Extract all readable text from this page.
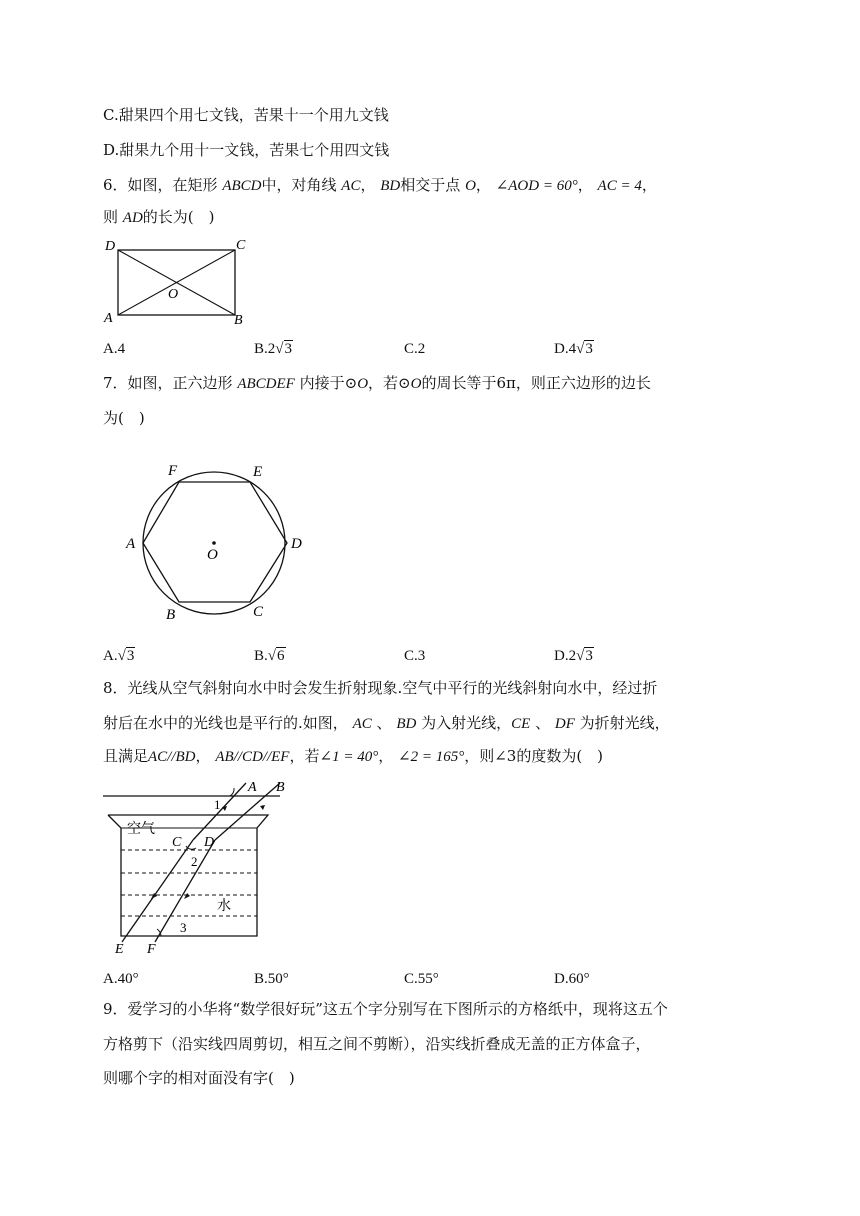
C.甜果四个用七文钱，苦果十一个用九文钱
D.甜果九个用十一文钱，苦果七个用四文钱
6．如图，在矩形 ABCD中，对角线 AC， BD相交于点 O， ∠AOD = 60°， AC = 4，
则 AD的长为(　)
D	C
A	B
O
A.4	B.2√3	C.2	D.4√3
7．如图，正六边形 ABCDEF 内接于⊙O，若⊙O的周长等于6π，则正六边形的边长
为(　)
F	E
A	D
B	C
O
A.√3	B.√6	C.3	D.2√3
8．光线从空气斜射向水中时会发生折射现象.空气中平行的光线斜射向水中，经过折
射后在水中的光线也是平行的.如图， AC 、 BD 为入射光线，CE 、 DF 为折射光线，
且满足AC//BD， AB//CD//EF，若∠1 = 40°， ∠2 = 165°，则∠3的度数为(　)
A B
1
空气
C D
2
水
E F
3
A.40°	B.50°	C.55°	D.60°
9．爱学习的小华将“数学很好玩”这五个字分别写在下图所示的方格纸中，现将这五个
方格剪下（沿实线四周剪切，相互之间不剪断），沿实线折叠成无盖的正方体盒子，
则哪个字的相对面没有字(　)
